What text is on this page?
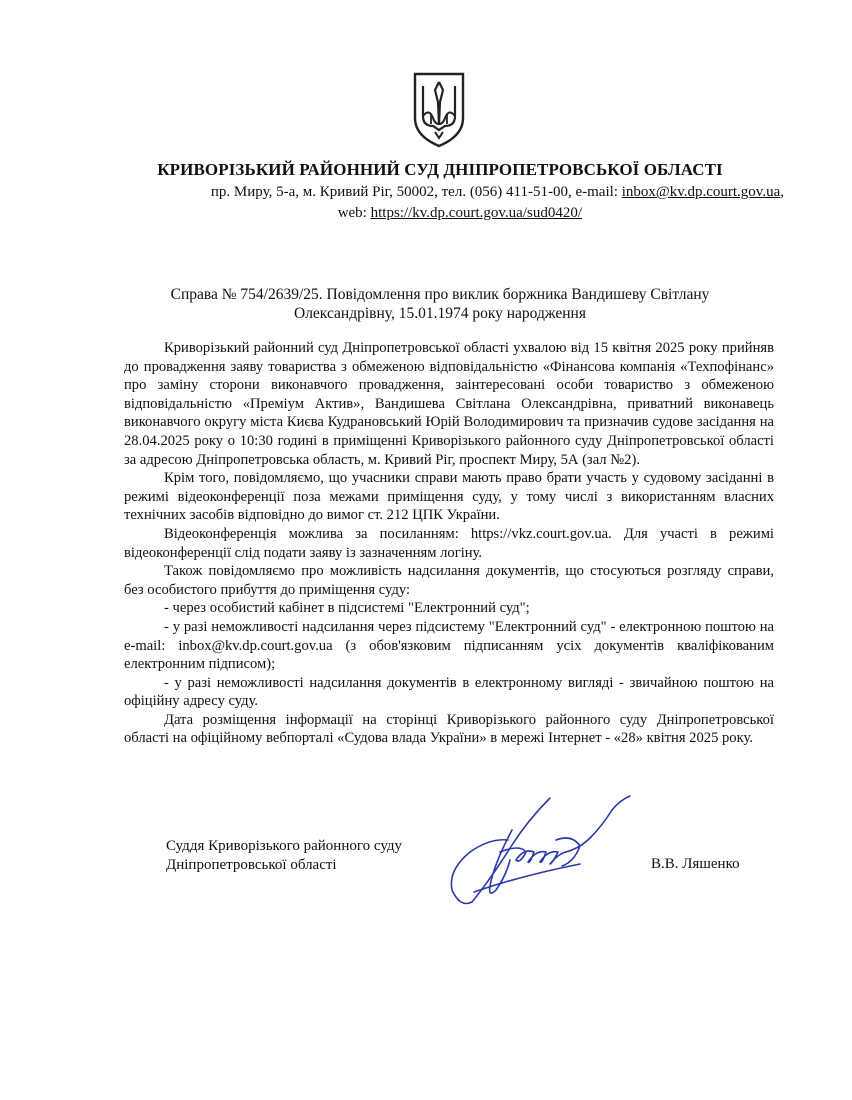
КРИВОРІЗЬКИЙ РАЙОННИЙ СУД ДНІПРОПЕТРОВСЬКОЇ ОБЛАСТІ
пр. Миру, 5-а, м. Кривий Ріг, 50002, тел. (056) 411-51-00, e-mail: inbox@kv.dp.court.gov.ua,
web: https://kv.dp.court.gov.ua/sud0420/
Справа № 754/2639/25. Повідомлення про виклик боржника Вандишеву Світлану
Олександрівну, 15.01.1974 року народження

Криворізький районний суд Дніпропетровської області ухвалою від 15 квітня 2025 року прийняв до провадження заяву товариства з обмеженою відповідальністю «Фінансова компанія «Техпофінанс» про заміну сторони виконавчого провадження, заінтересовані особи товариство з обмеженою відповідальністю «Преміум Актив», Вандишева Світлана Олександрівна, приватний виконавець виконавчого округу міста Києва Кудрановський Юрій Володимирович та призначив судове засідання на 28.04.2025 року о 10:30 годині в приміщенні Криворізького районного суду Дніпропетровської області за адресою Дніпропетровська область, м. Кривий Ріг, проспект Миру, 5А (зал №2).

Крім того, повідомляємо, що учасники справи мають право брати участь у судовому засіданні в режимі відеоконференції поза межами приміщення суду, у тому числі з використанням власних технічних засобів відповідно до вимог ст. 212 ЦПК України.

Відеоконференція можлива за посиланням: https://vkz.court.gov.ua. Для участі в режимі відеоконференції слід подати заяву із зазначенням логіну.

Також повідомляємо про можливість надсилання документів, що стосуються розгляду справи, без особистого прибуття до приміщення суду:

- через особистий кабінет в підсистемі "Електронний суд";

- у разі неможливості надсилання через підсистему "Електронний суд" - електронною поштою на e-mail: inbox@kv.dp.court.gov.ua (з обов'язковим підписанням усіх документів кваліфікованим електронним підписом);

- у разі неможливості надсилання документів в електронному вигляді - звичайною поштою на офіційну адресу суду.

Дата розміщення інформації на сторінці Криворізького районного суду Дніпропетровської області на офіційному вебпорталі «Судова влада України» в мережі Інтернет - «28» квітня 2025 року.

Суддя Криворізького районного суду
Дніпропетровської області	В.В. Ляшенко
